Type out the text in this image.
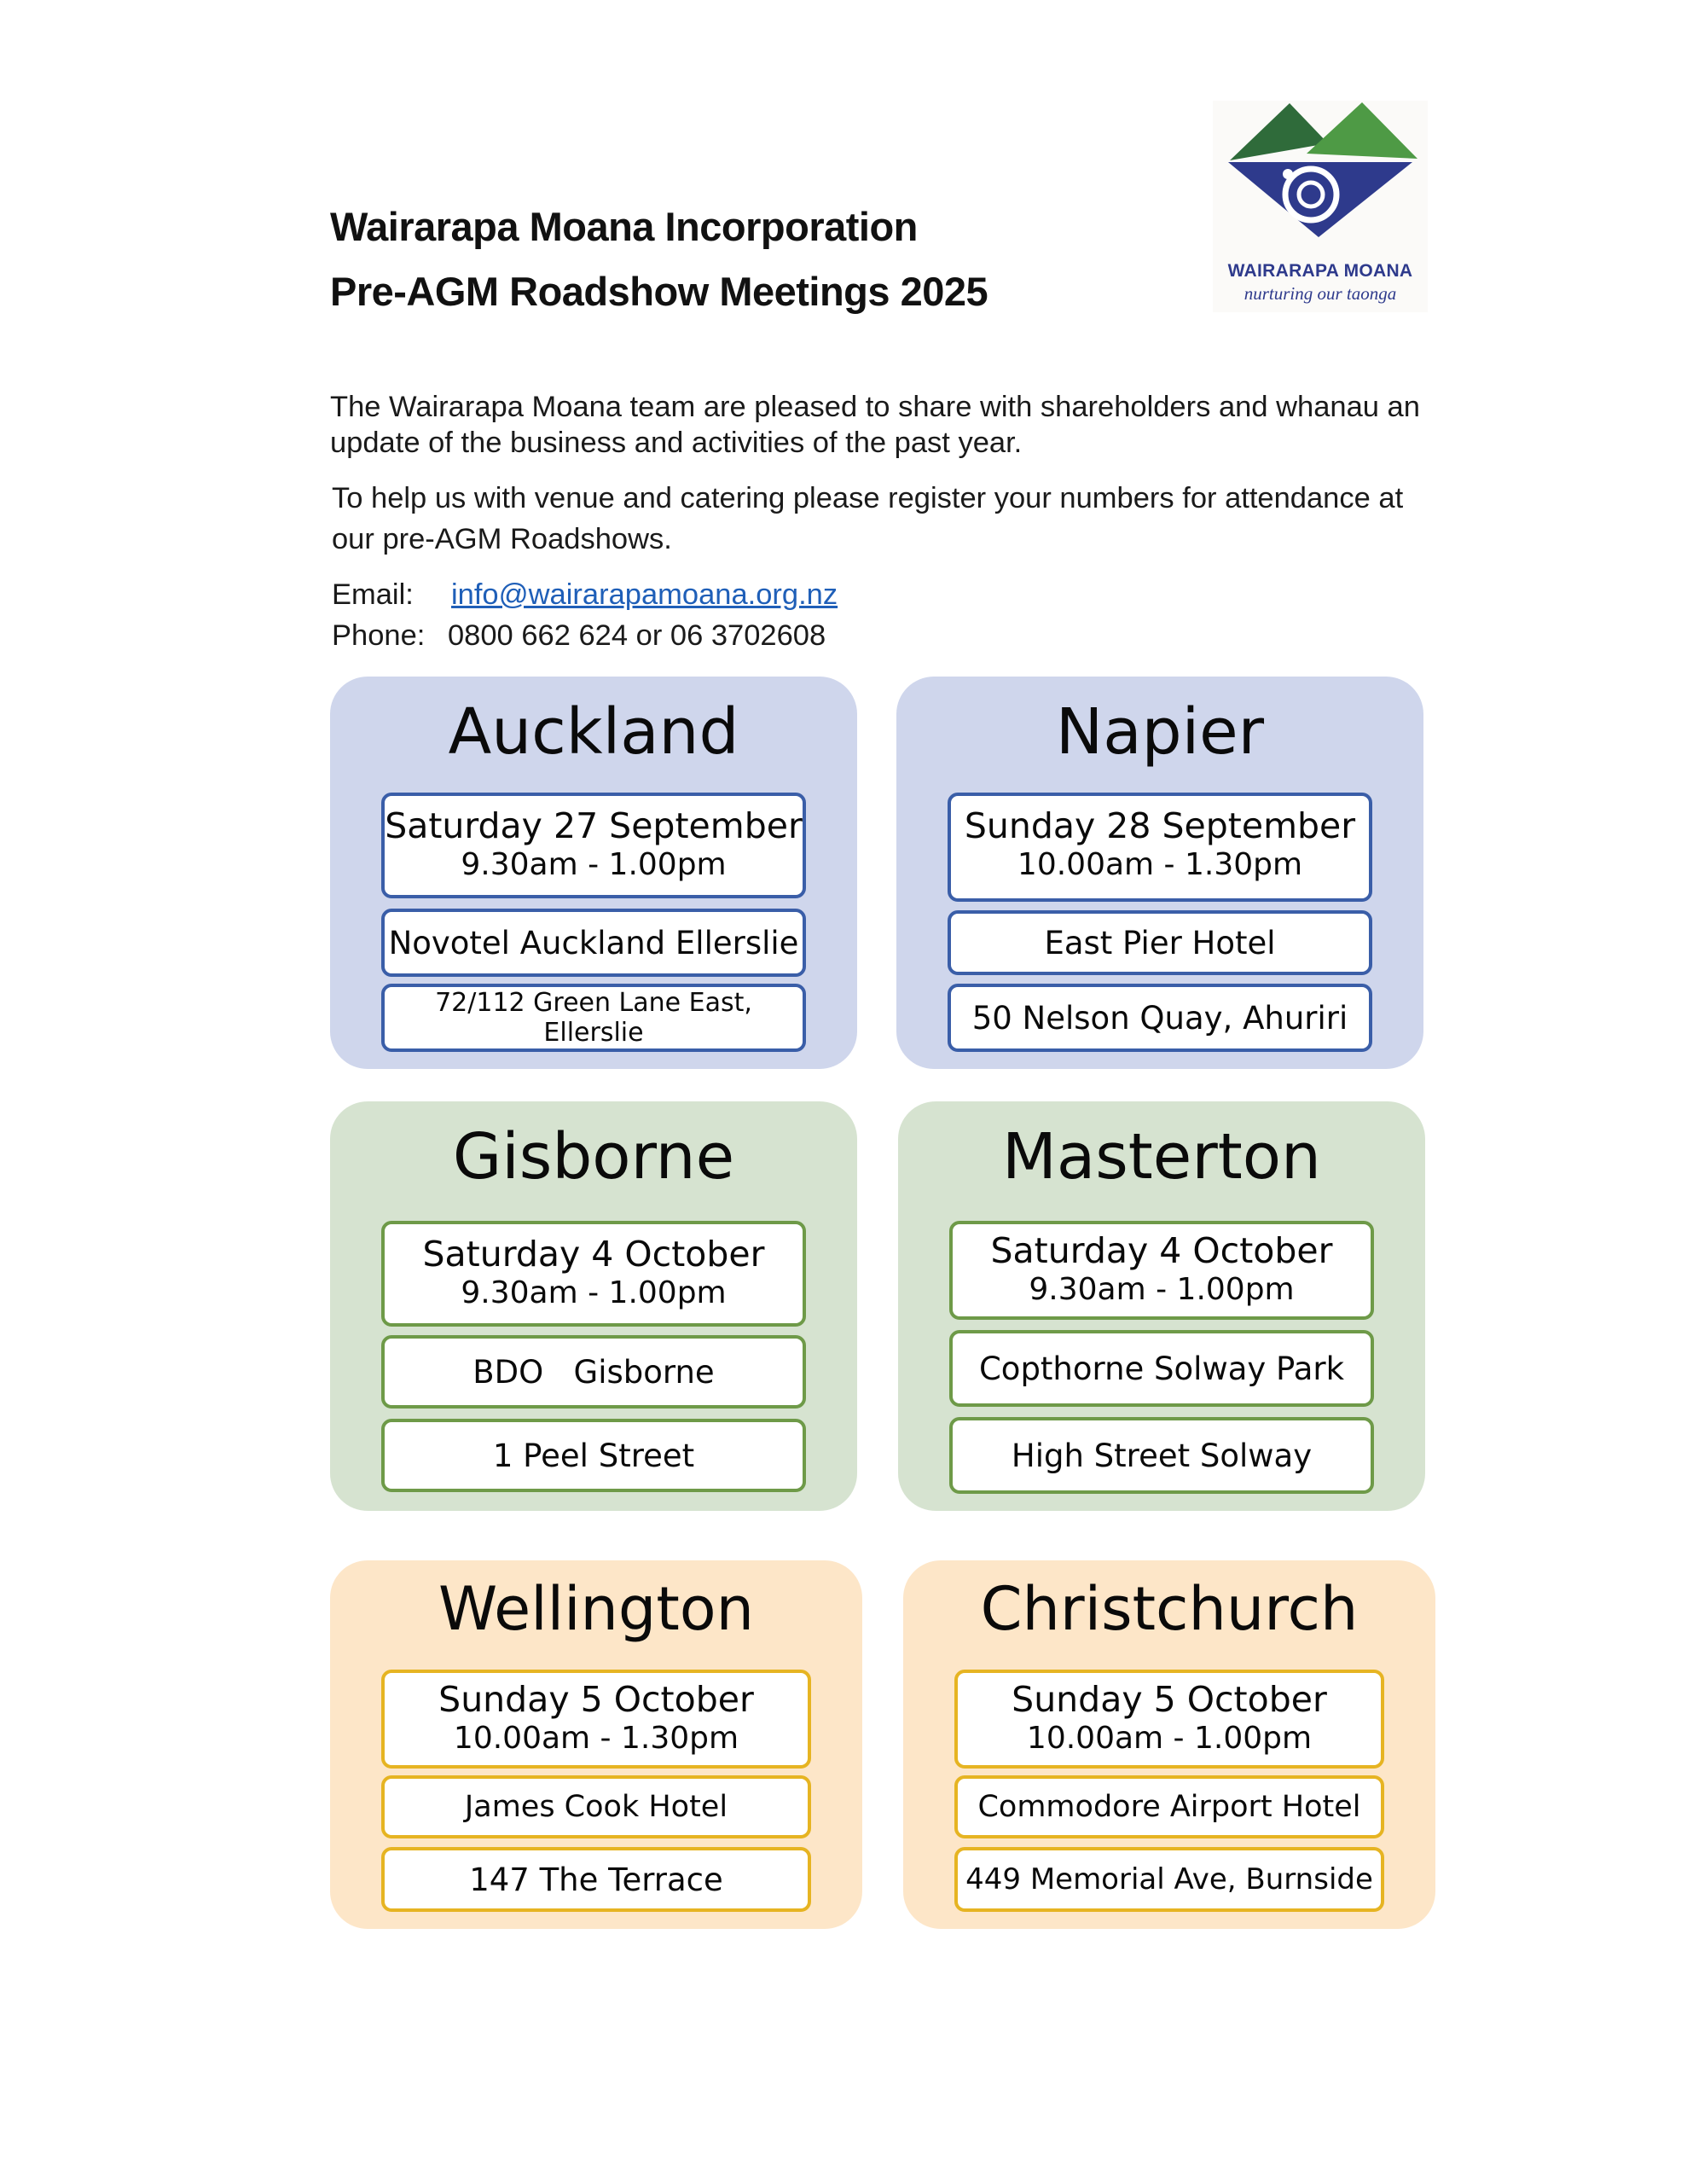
Wairarapa Moana Incorporation
Pre-AGM Roadshow Meetings 2025	WAIRARAPA MOANA
nurturing our taonga
The Wairarapa Moana team are pleased to share with shareholders and whanau an update of the business and activities of the past year.
To help us with venue and catering please register your numbers for attendance at our pre-AGM Roadshows.
Email: info@wairarapamoana.org.nz
Phone: 0800 662 624 or 06 3702608
Auckland
Saturday 27 September
9.30am - 1.00pm
Novotel Auckland Ellerslie
72/112 Green Lane East, Ellerslie
Napier
Sunday 28 September
10.00am - 1.30pm
East Pier Hotel
50 Nelson Quay, Ahuriri
Gisborne
Saturday 4 October
9.30am - 1.00pm
BDO   Gisborne
1 Peel Street
Masterton
Saturday 4 October
9.30am - 1.00pm
Copthorne Solway Park
High Street Solway
Wellington
Sunday 5 October
10.00am - 1.30pm
James Cook Hotel
147 The Terrace
Christchurch
Sunday 5 October
10.00am - 1.00pm
Commodore Airport Hotel
449 Memorial Ave, Burnside
